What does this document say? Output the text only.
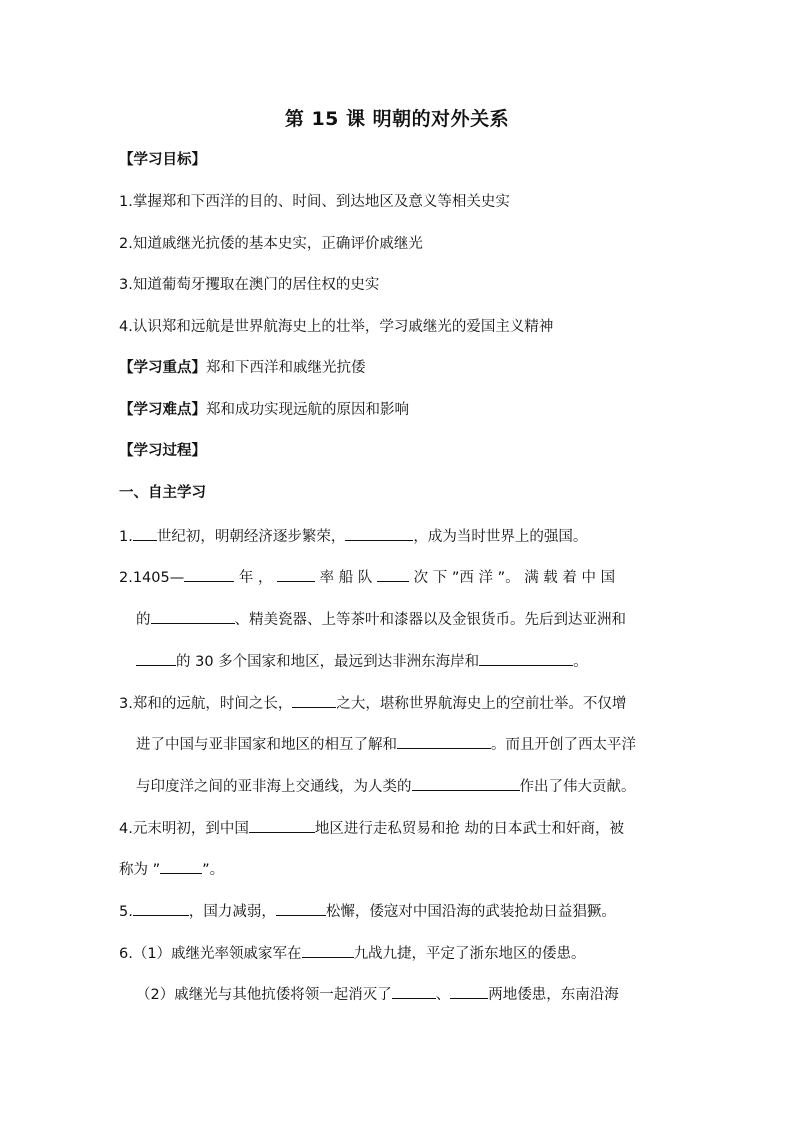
第 15 课 明朝的对外关系
【学习目标】
1.掌握郑和下西洋的目的、时间、到达地区及意义等相关史实
2.知道戚继光抗倭的基本史实，正确评价戚继光
3.知道葡萄牙攫取在澳门的居住权的史实
4.认识郑和远航是世界航海史上的壮举，学习戚继光的爱国主义精神
【学习重点】郑和下西洋和戚继光抗倭
【学习难点】郑和成功实现远航的原因和影响
【学习过程】
一、自主学习
1. 世纪初，明朝经济逐步繁荣，	，成为当时世界上的强国。
2.1405—	年 ，	率 船 队  次 下 ”西 洋 ”。 满 载 着 中 国
的	、精美瓷器、上等茶叶和漆器以及金银货币。先后到达亚洲和
的 30 多个国家和地区，最远到达非洲东海岸和	。
3.郑和的远航，时间之长，	之大，堪称世界航海史上的空前壮举。不仅增
进了中国与亚非国家和地区的相互了解和	。而且开创了西太平洋
与印度洋之间的亚非海上交通线，为人类的	作出了伟大贡献。
4.元末明初，到中国	地区进行走私贸易和抢 劫的日本武士和奸商，被
称为 ”	”。
5.	，国力减弱，	松懈，倭寇对中国沿海的武装抢劫日益猖獗。
6.（1）戚继光率领戚家军在	九战九捷，平定了浙东地区的倭患。
（2）戚继光与其他抗倭将领一起消灭了	、	两地倭患，东南沿海
